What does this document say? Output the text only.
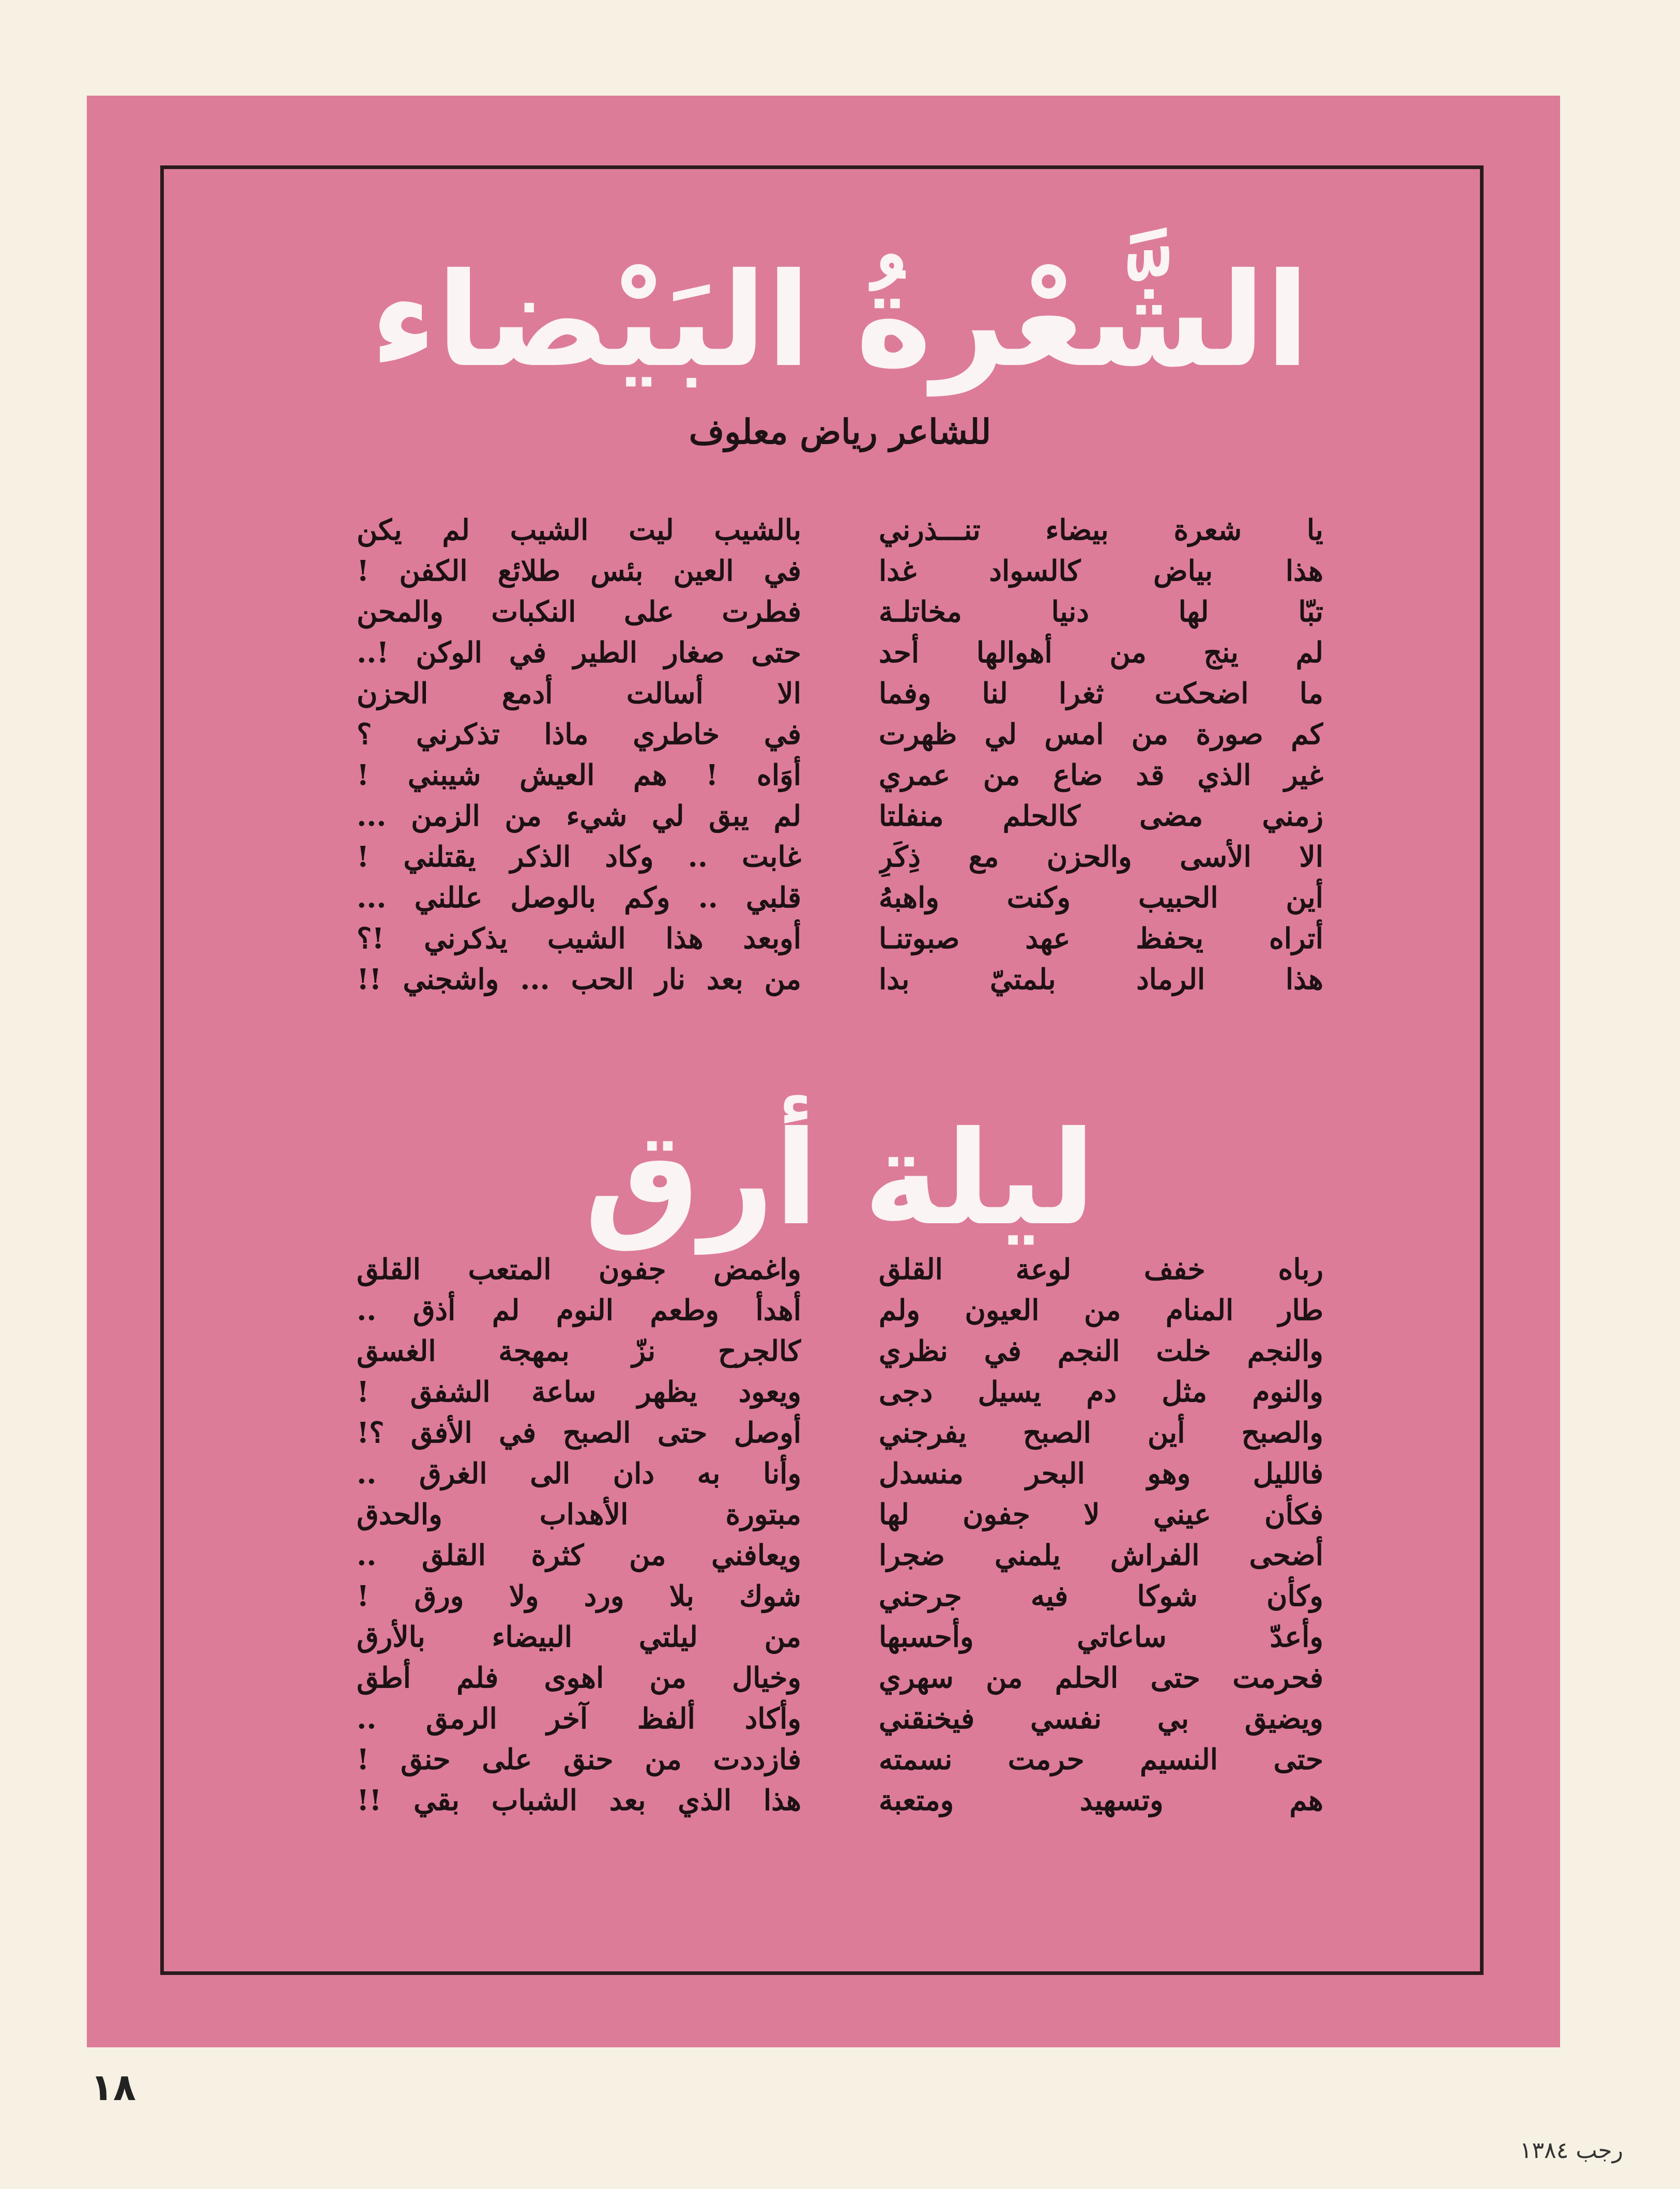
الشَّعْرةُ البَيْضاء
للشاعر رياض معلوف
يا شعرة بيضاء تنـــذرني
هذا بياض كالسواد غدا
تبّا لها دنيا مخاتلـة
لم ينج من أهوالها أحد
ما اضحكت ثغرا لنا وفما
كم صورة من امس لي ظهرت
غير الذي قد ضاع من عمري
زمني مضى كالحلم منفلتا
الا الأسى والحزن مع ذِكَرٍ
أين الحبيب وكنت واهبهُ
أتراه يحفظ عهد صبوتنـا
هذا الرماد بلمتيّ بدا
بالشيب ليت الشيب لم يكن
في العين بئس طلائع الكفن !
فطرت على النكبات والمحن
حتى صغار الطير في الوكن !..
الا أسالت أدمع الحزن
في خاطري ماذا تذكرني ؟
أوَاه ! هم العيش شيبني !
لم يبق لي شيء من الزمن ...
غابت .. وكاد الذكر يقتلني !
قلبي .. وكم بالوصل عللني ...
أوبعد هذا الشيب يذكرني !؟
من بعد نار الحب ... واشجني !!
ليلة أرق
رباه خفف لوعة القلق
طار المنام من العيون ولم
والنجم خلت النجم في نظري
والنوم مثل دم يسيل دجى
والصبح أين الصبح يفرجني
فالليل وهو البحر منسدل
فكأن عيني لا جفون لها
أضحى الفراش يلمني ضجرا
وكأن شوكا فيه جرحني
وأعدّ ساعاتي وأحسبها
فحرمت حتى الحلم من سهري
ويضيق بي نفسي فيخنقني
حتى النسيم حرمت نسمته
هم وتسهيد ومتعبة
واغمض جفون المتعب القلق
أهدأ وطعم النوم لم أذق ..
كالجرح نزّ بمهجة الغسق
ويعود يظهر ساعة الشفق !
أوصل حتى الصبح في الأفق ؟!
وأنا به دان الى الغرق ..
مبتورة الأهداب والحدق
ويعافني من كثرة القلق ..
شوك بلا ورد ولا ورق !
من ليلتي البيضاء بالأرق
وخيال من اهوى فلم أطق
وأكاد ألفظ آخر الرمق ..
فازددت من حنق على حنق !
هذا الذي بعد الشباب بقي !!
١٨
رجب ١٣٨٤
